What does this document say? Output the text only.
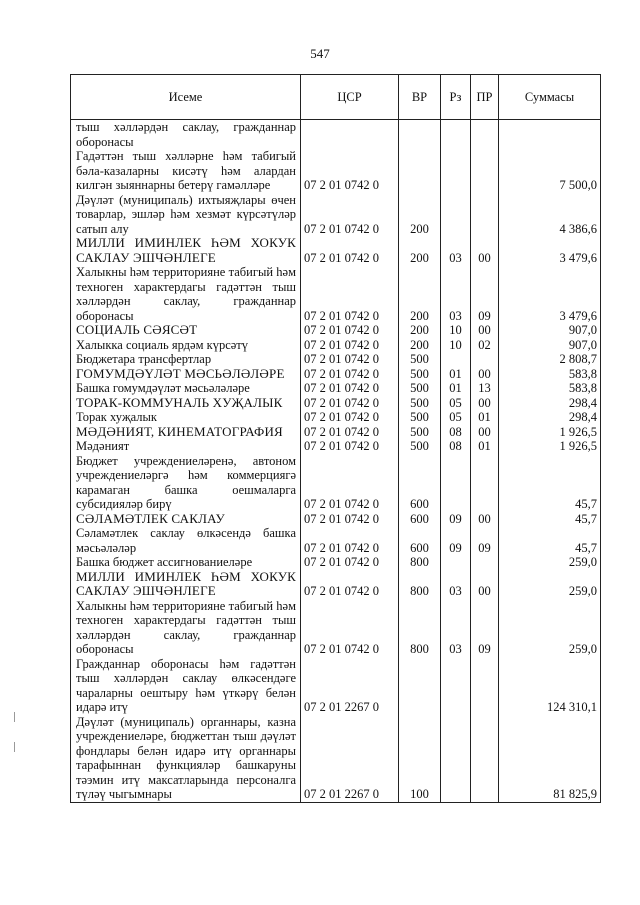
547
Исеме	ЦСР	ВР	Рз	ПР	Суммасы
тыш хәлләрдән саклау, гражданнар оборонасы					
Гадәттән тыш хәлләрне һәм табигый бәла-казаларны кисәтү һәм алардан килгән зыяннарны бетерү гамәлләре	07 2 01 0742 0				7 500,0
Дәүләт (муниципаль) ихтыяҗлары өчен товарлар, эшләр һәм хезмәт күрсәтүләр сатып алу	07 2 01 0742 0	200			4 386,6
МИЛЛИ ИМИНЛЕК ҺӘМ ХОКУК САКЛАУ ЭШЧӘНЛЕГЕ	07 2 01 0742 0	200	03	00	3 479,6
Халыкны һәм территорияне табигый һәм техноген характердагы гадәттән тыш хәлләрдән саклау, гражданнар оборонасы	07 2 01 0742 0	200	03	09	3 479,6
СОЦИАЛЬ СӘЯСӘТ	07 2 01 0742 0	200	10	00	907,0
Халыкка социаль ярдәм күрсәтү	07 2 01 0742 0	200	10	02	907,0
Бюджетара трансфертлар	07 2 01 0742 0	500			2 808,7
ГОМУМДӘҮЛӘТ МӘСЬӘЛӘЛӘРЕ	07 2 01 0742 0	500	01	00	583,8
Башка гомумдәүләт мәсьәләләре	07 2 01 0742 0	500	01	13	583,8
ТОРАК-КОММУНАЛЬ ХУҖАЛЫК	07 2 01 0742 0	500	05	00	298,4
Торак хуҗалык	07 2 01 0742 0	500	05	01	298,4
МӘДӘНИЯТ, КИНЕМАТОГРАФИЯ	07 2 01 0742 0	500	08	00	1 926,5
Мәдәният	07 2 01 0742 0	500	08	01	1 926,5
Бюджет учреждениеләренә, автоном учреждениеләргә һәм коммерциягә карамаган башка оешмаларга субсидияләр бирү	07 2 01 0742 0	600			45,7
СӘЛАМӘТЛЕК САКЛАУ	07 2 01 0742 0	600	09	00	45,7
Сәламәтлек саклау өлкәсендә башка мәсьәләләр	07 2 01 0742 0	600	09	09	45,7
Башка бюджет ассигнованиеләре	07 2 01 0742 0	800			259,0
МИЛЛИ ИМИНЛЕК ҺӘМ ХОКУК САКЛАУ ЭШЧӘНЛЕГЕ	07 2 01 0742 0	800	03	00	259,0
Халыкны һәм территорияне табигый һәм техноген характердагы гадәттән тыш хәлләрдән саклау, гражданнар оборонасы	07 2 01 0742 0	800	03	09	259,0
Гражданнар оборонасы һәм гадәттән тыш хәлләрдән саклау өлкәсендәге чараларны оештыру һәм үткәрү белән идарә итү	07 2 01 2267 0				124 310,1
Дәүләт (муниципаль) органнары, казна учреждениеләре, бюджеттан тыш дәүләт фондлары белән идарә итү органнары тарафыннан функцияләр башкаруны тәэмин итү максатларында персоналга түләү чыгымнары	07 2 01 2267 0	100			81 825,9
